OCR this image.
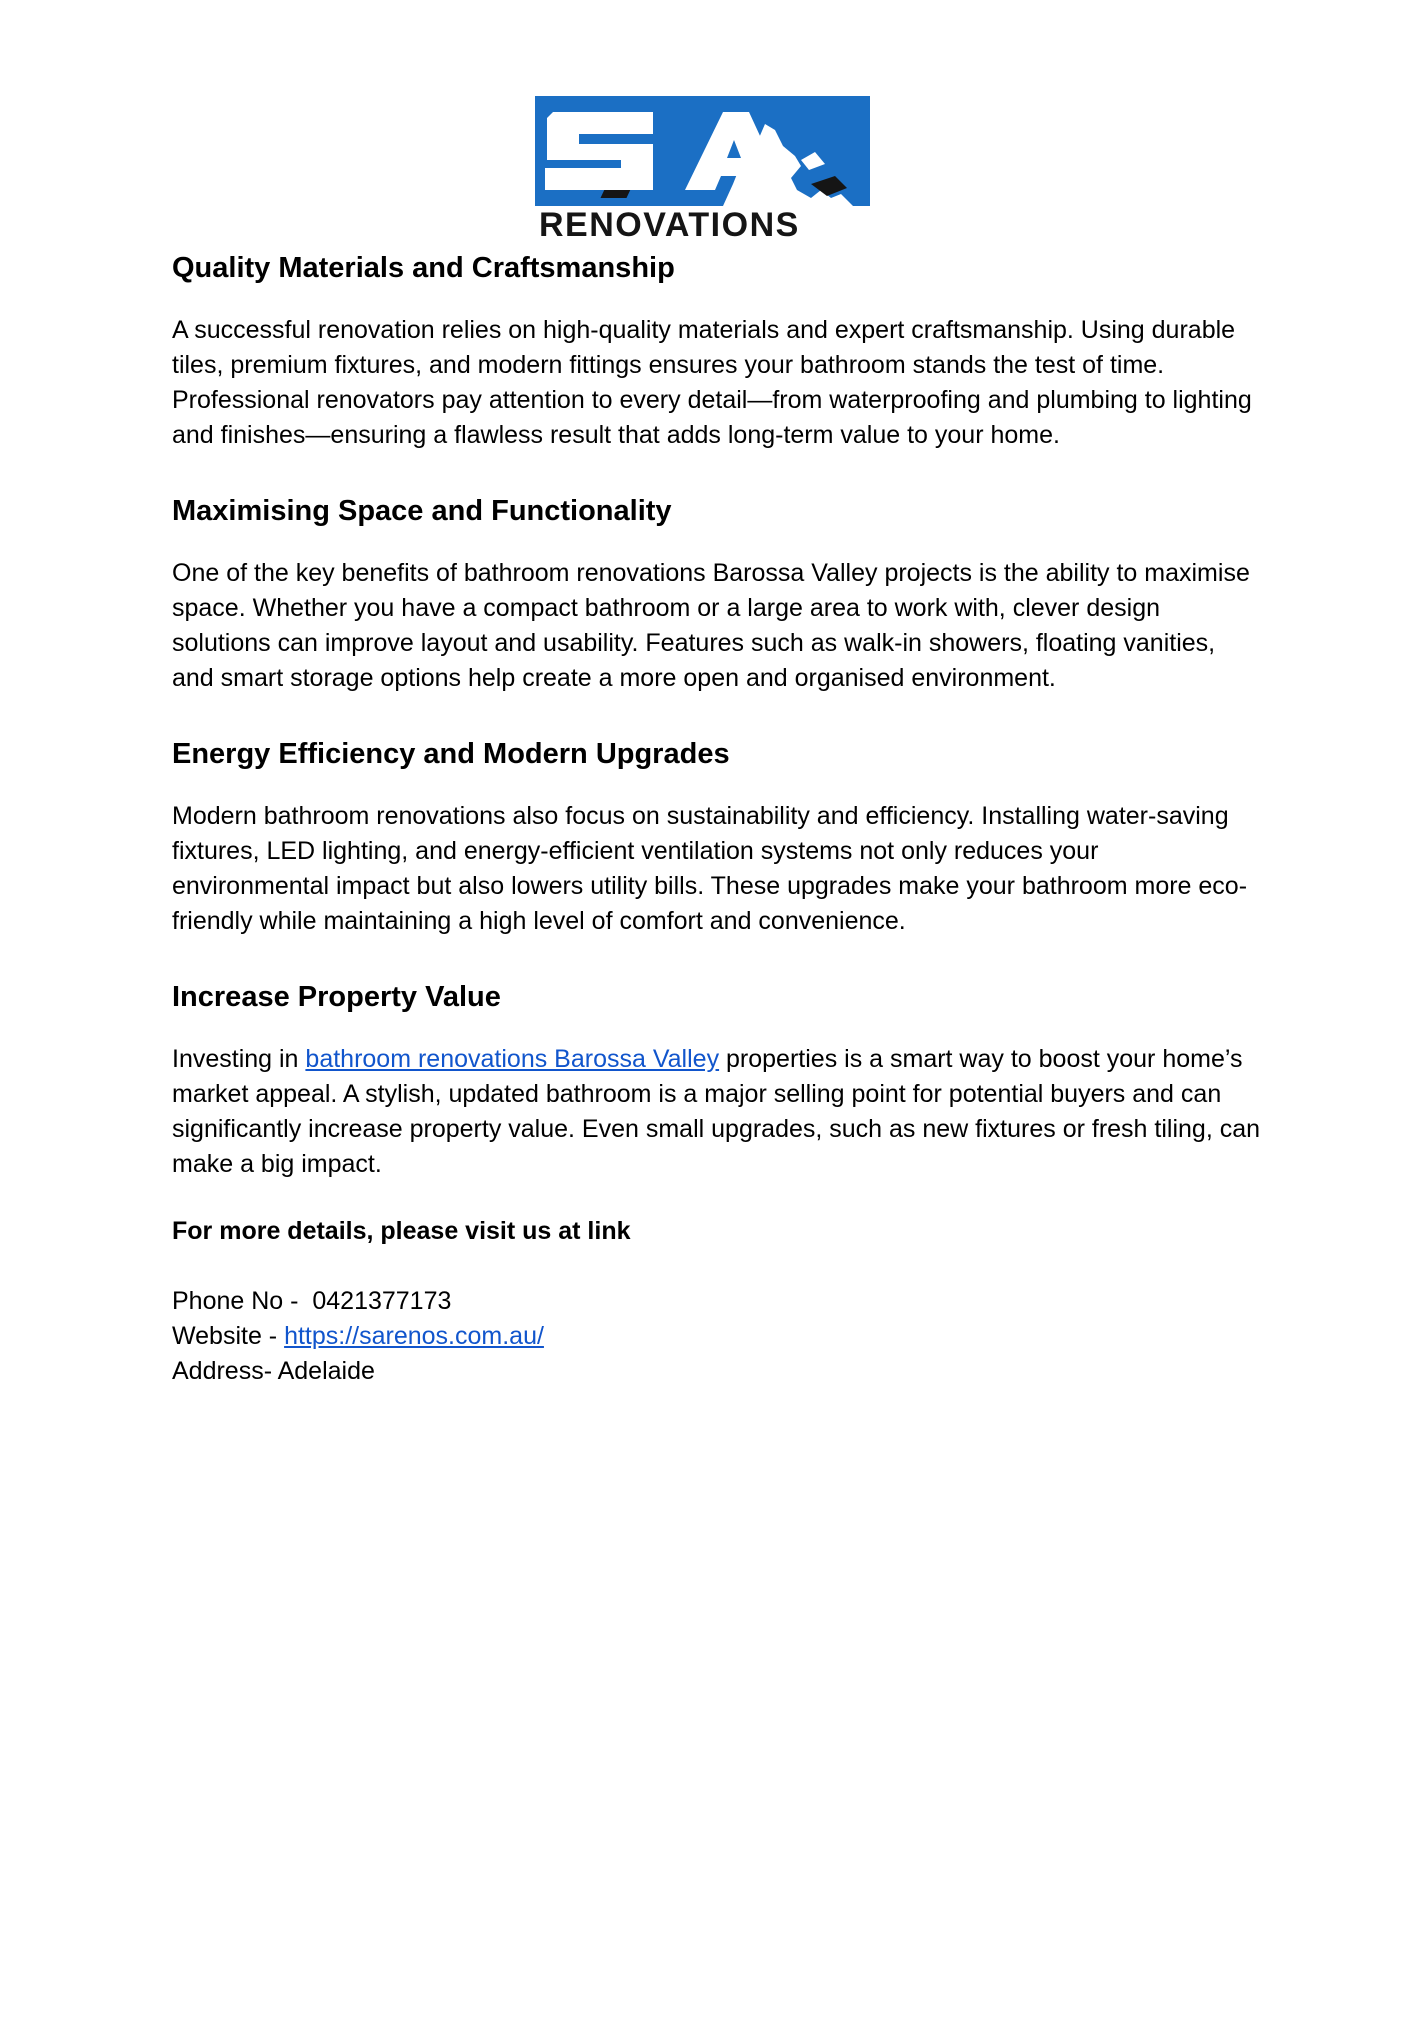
RENOVATIONS
Quality Materials and Craftsmanship

A successful renovation relies on high-quality materials and expert craftsmanship. Using durable tiles, premium fixtures, and modern fittings ensures your bathroom stands the test of time. Professional renovators pay attention to every detail—from waterproofing and plumbing to lighting and finishes—ensuring a flawless result that adds long-term value to your home.

Maximising Space and Functionality

One of the key benefits of bathroom renovations Barossa Valley projects is the ability to maximise space. Whether you have a compact bathroom or a large area to work with, clever design solutions can improve layout and usability. Features such as walk-in showers, floating vanities, and smart storage options help create a more open and organised environment.

Energy Efficiency and Modern Upgrades

Modern bathroom renovations also focus on sustainability and efficiency. Installing water-saving fixtures, LED lighting, and energy-efficient ventilation systems not only reduces your environmental impact but also lowers utility bills. These upgrades make your bathroom more eco-friendly while maintaining a high level of comfort and convenience.

Increase Property Value

Investing in bathroom renovations Barossa Valley properties is a smart way to boost your home’s market appeal. A stylish, updated bathroom is a major selling point for potential buyers and can significantly increase property value. Even small upgrades, such as new fixtures or fresh tiling, can make a big impact.

For more details, please visit us at link
Phone No -  0421377173
Website - https://sarenos.com.au/
Address- Adelaide
